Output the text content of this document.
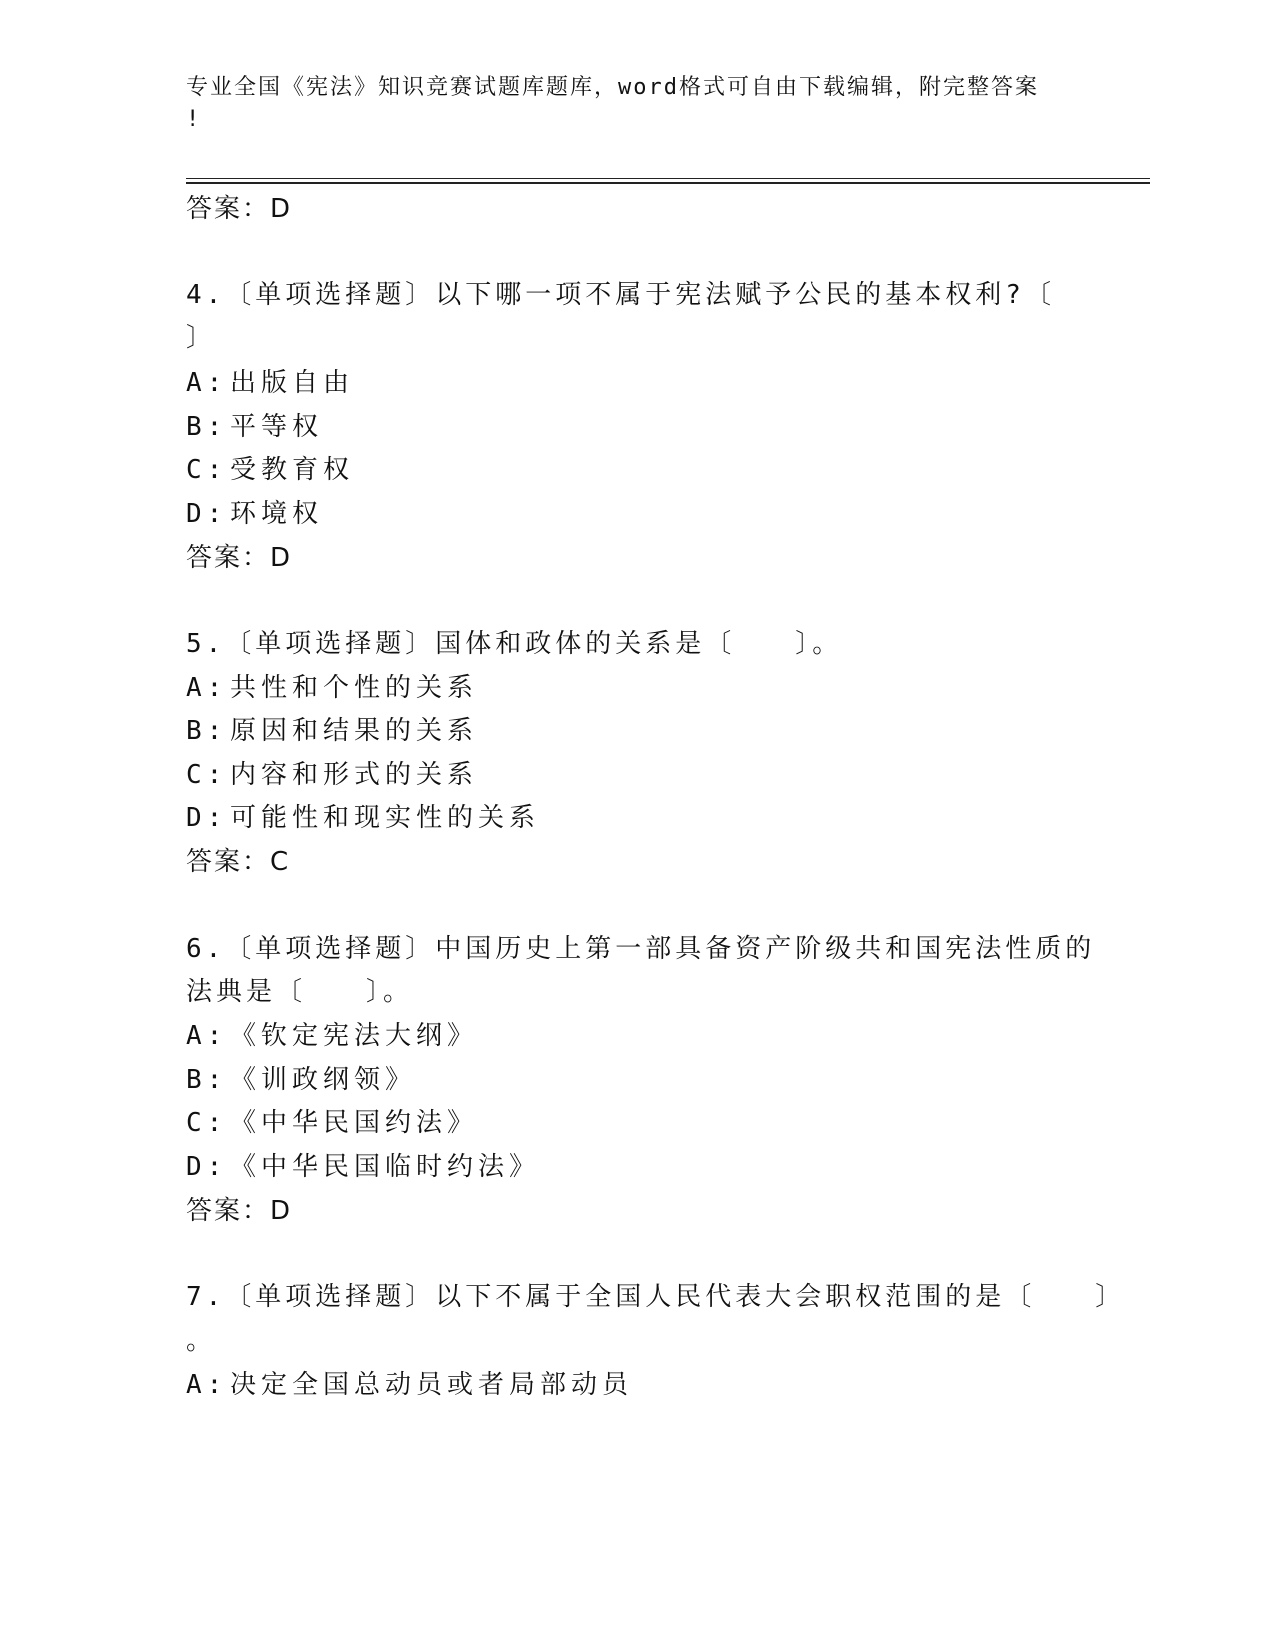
专业全国《宪法》知识竞赛试题库题库，word格式可自由下载编辑，附完整答案
!
答案：D
4.〔单项选择题〕以下哪一项不属于宪法赋予公民的基本权利?〔
〕
A: 出版自由
B: 平等权
C: 受教育权
D: 环境权
答案：D
5.〔单项选择题〕国体和政体的关系是〔　　〕。
A: 共性和个性的关系
B: 原因和结果的关系
C: 内容和形式的关系
D: 可能性和现实性的关系
答案：C
6.〔单项选择题〕中国历史上第一部具备资产阶级共和国宪法性质的
法典是〔　　〕。
A: 《钦定宪法大纲》
B: 《训政纲领》
C: 《中华民国约法》
D: 《中华民国临时约法》
答案：D
7.〔单项选择题〕以下不属于全国人民代表大会职权范围的是〔　　〕
。
A: 决定全国总动员或者局部动员
